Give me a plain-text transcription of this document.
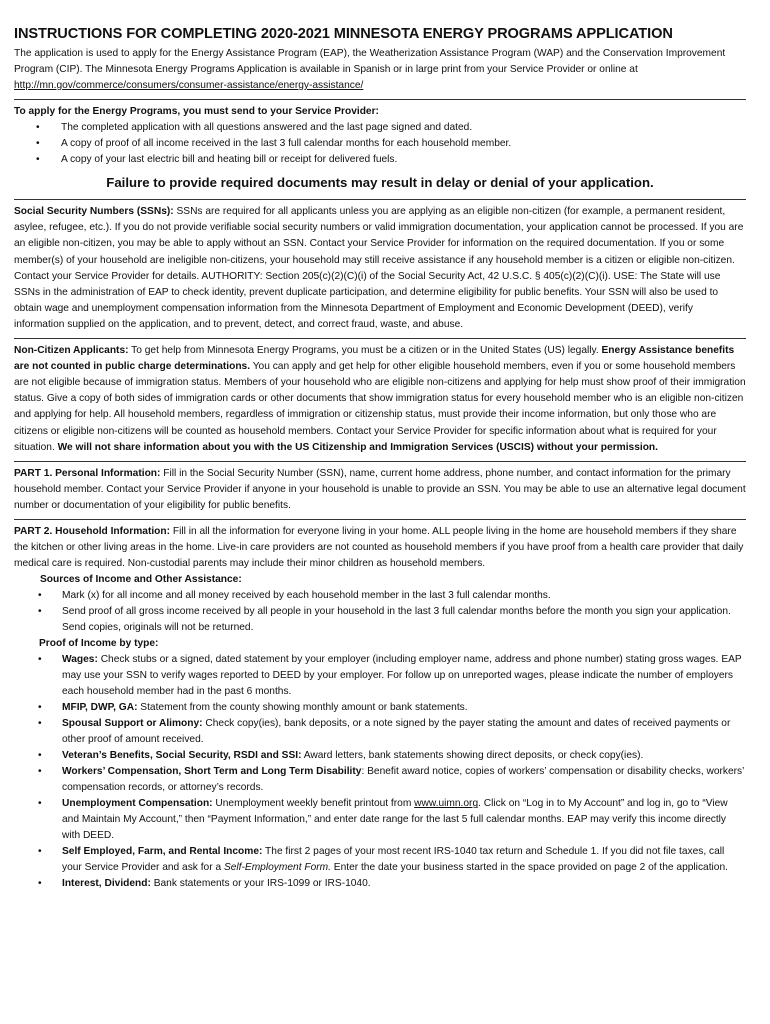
INSTRUCTIONS FOR COMPLETING 2020-2021 MINNESOTA ENERGY PROGRAMS APPLICATION

The application is used to apply for the Energy Assistance Program (EAP), the Weatherization Assistance Program (WAP) and the Conservation Improvement Program (CIP). The Minnesota Energy Programs Application is available in Spanish or in large print from your Service Provider or online at http://mn.gov/commerce/consumers/consumer-assistance/energy-assistance/

To apply for the Energy Programs, you must send to your Service Provider:
•	The completed application with all questions answered and the last page signed and dated.
•	A copy of proof of all income received in the last 3 full calendar months for each household member.
•	A copy of your last electric bill and heating bill or receipt for delivered fuels.
Failure to provide required documents may result in delay or denial of your application.

Social Security Numbers (SSNs): SSNs are required for all applicants unless you are applying as an eligible non-citizen (for example, a permanent resident, asylee, refugee, etc.). If you do not provide verifiable social security numbers or valid immigration documentation, your application cannot be processed. If you are an eligible non-citizen, you may be able to apply without an SSN. Contact your Service Provider for information on the required documentation. If you or some member(s) of your household are ineligible non-citizens, your household may still receive assistance if any household member is a citizen or eligible non-citizen. Contact your Service Provider for details. AUTHORITY: Section 205(c)(2)(C)(i) of the Social Security Act, 42 U.S.C. § 405(c)(2)(C)(i). USE: The State will use SSNs in the administration of EAP to check identity, prevent duplicate participation, and determine eligibility for public benefits. Your SSN will also be used to obtain wage and unemployment compensation information from the Minnesota Department of Employment and Economic Development (DEED), verify information supplied on the application, and to prevent, detect, and correct fraud, waste, and abuse.

Non-Citizen Applicants: To get help from Minnesota Energy Programs, you must be a citizen or in the United States (US) legally. Energy Assistance benefits are not counted in public charge determinations. You can apply and get help for other eligible household members, even if you or some household members are not eligible because of immigration status. Members of your household who are eligible non-citizens and applying for help must show proof of their immigration status. Give a copy of both sides of immigration cards or other documents that show immigration status for every household member who is an eligible non-citizen and applying for help. All household members, regardless of immigration or citizenship status, must provide their income information, but only those who are citizens or eligible non-citizens will be counted as household members. Contact your Service Provider for specific information about what is required for your situation. We will not share information about you with the US Citizenship and Immigration Services (USCIS) without your permission.

PART 1. Personal Information: Fill in the Social Security Number (SSN), name, current home address, phone number, and contact information for the primary household member. Contact your Service Provider if anyone in your household is unable to provide an SSN. You may be able to use an alternative legal document number or documentation of your eligibility for public benefits.

PART 2. Household Information: Fill in all the information for everyone living in your home. ALL people living in the home are household members if they share the kitchen or other living areas in the home. Live-in care providers are not counted as household members if you have proof from a health care provider that daily medical care is required. Non-custodial parents may include their minor children as household members.

Sources of Income and Other Assistance:
•	Mark (x) for all income and all money received by each household member in the last 3 full calendar months.
•	Send proof of all gross income received by all people in your household in the last 3 full calendar months before the month you sign your application. Send copies, originals will not be returned.
Proof of Income by type:
•	Wages: Check stubs or a signed, dated statement by your employer (including employer name, address and phone number) stating gross wages. EAP may use your SSN to verify wages reported to DEED by your employer. For follow up on unreported wages, please indicate the number of employers each household member had in the past 6 months.
•	MFIP, DWP, GA: Statement from the county showing monthly amount or bank statements.
•	Spousal Support or Alimony: Check copy(ies), bank deposits, or a note signed by the payer stating the amount and dates of received payments or other proof of amount received.
•	Veteran’s Benefits, Social Security, RSDI and SSI: Award letters, bank statements showing direct deposits, or check copy(ies).
•	Workers’ Compensation, Short Term and Long Term Disability: Benefit award notice, copies of workers’ compensation or disability checks, workers’ compensation records, or attorney’s records.
•	Unemployment Compensation: Unemployment weekly benefit printout from www.uimn.org. Click on “Log in to My Account” and log in, go to “View and Maintain My Account,” then “Payment Information,” and enter date range for the last 5 full calendar months. EAP may verify this income directly with DEED.
•	Self Employed, Farm, and Rental Income: The first 2 pages of your most recent IRS-1040 tax return and Schedule 1. If you did not file taxes, call your Service Provider and ask for a Self-Employment Form. Enter the date your business started in the space provided on page 2 of the application.
•	Interest, Dividend: Bank statements or your IRS-1099 or IRS-1040.
